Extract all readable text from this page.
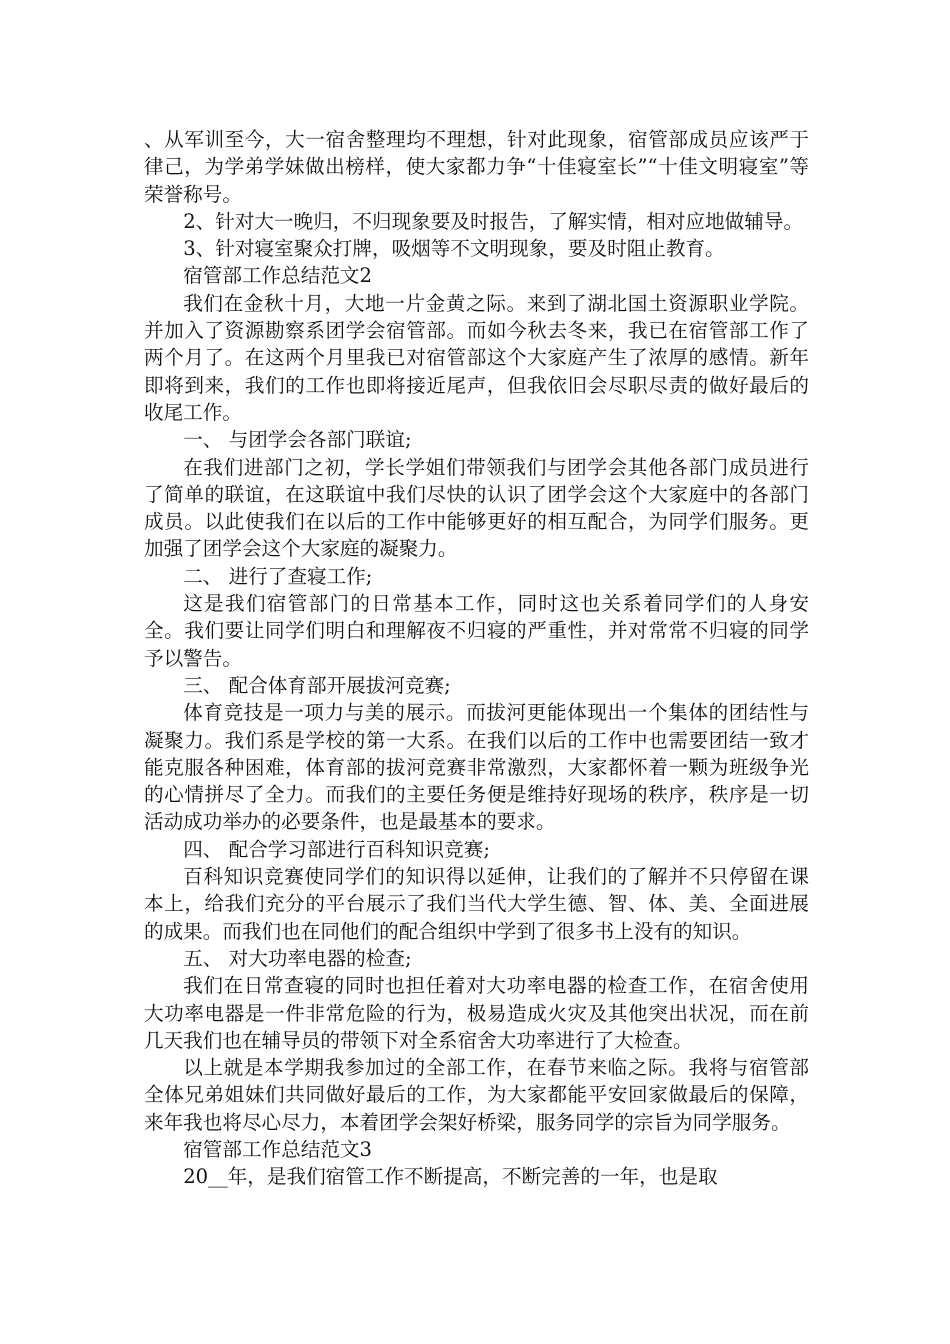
、从军训至今，大一宿舍整理均不理想，针对此现象，宿管部成员应该严于律己，为学弟学妹做出榜样，使大家都力争“十佳寝室长”“十佳文明寝室”等荣誉称号。

2、针对大一晚归，不归现象要及时报告，了解实情，相对应地做辅导。

3、针对寝室聚众打牌，吸烟等不文明现象，要及时阻止教育。

宿管部工作总结范文2

我们在金秋十月，大地一片金黄之际。来到了湖北国土资源职业学院。并加入了资源勘察系团学会宿管部。而如今秋去冬来，我已在宿管部工作了两个月了。在这两个月里我已对宿管部这个大家庭产生了浓厚的感情。新年即将到来，我们的工作也即将接近尾声，但我依旧会尽职尽责的做好最后的收尾工作。

一、 与团学会各部门联谊;

在我们进部门之初，学长学姐们带领我们与团学会其他各部门成员进行了简单的联谊，在这联谊中我们尽快的认识了团学会这个大家庭中的各部门成员。以此使我们在以后的工作中能够更好的相互配合，为同学们服务。更加强了团学会这个大家庭的凝聚力。

二、 进行了查寝工作;

这是我们宿管部门的日常基本工作，同时这也关系着同学们的人身安全。我们要让同学们明白和理解夜不归寝的严重性，并对常常不归寝的同学予以警告。

三、 配合体育部开展拔河竞赛;

体育竞技是一项力与美的展示。而拔河更能体现出一个集体的团结性与凝聚力。我们系是学校的第一大系。在我们以后的工作中也需要团结一致才能克服各种困难，体育部的拔河竞赛非常激烈，大家都怀着一颗为班级争光的心情拼尽了全力。而我们的主要任务便是维持好现场的秩序，秩序是一切活动成功举办的必要条件，也是最基本的要求。

四、 配合学习部进行百科知识竞赛;

百科知识竞赛使同学们的知识得以延伸，让我们的了解并不只停留在课本上，给我们充分的平台展示了我们当代大学生德、智、体、美、全面进展的成果。而我们也在同他们的配合组织中学到了很多书上没有的知识。

五、 对大功率电器的检查;

我们在日常查寝的同时也担任着对大功率电器的检查工作，在宿舍使用大功率电器是一件非常危险的行为，极易造成火灾及其他突出状况，而在前几天我们也在辅导员的带领下对全系宿舍大功率进行了大检查。

以上就是本学期我参加过的全部工作，在春节来临之际。我将与宿管部全体兄弟姐妹们共同做好最后的工作，为大家都能平安回家做最后的保障，来年我也将尽心尽力，本着团学会架好桥梁，服务同学的宗旨为同学服务。

宿管部工作总结范文3

20__年，是我们宿管工作不断提高，不断完善的一年，也是取
